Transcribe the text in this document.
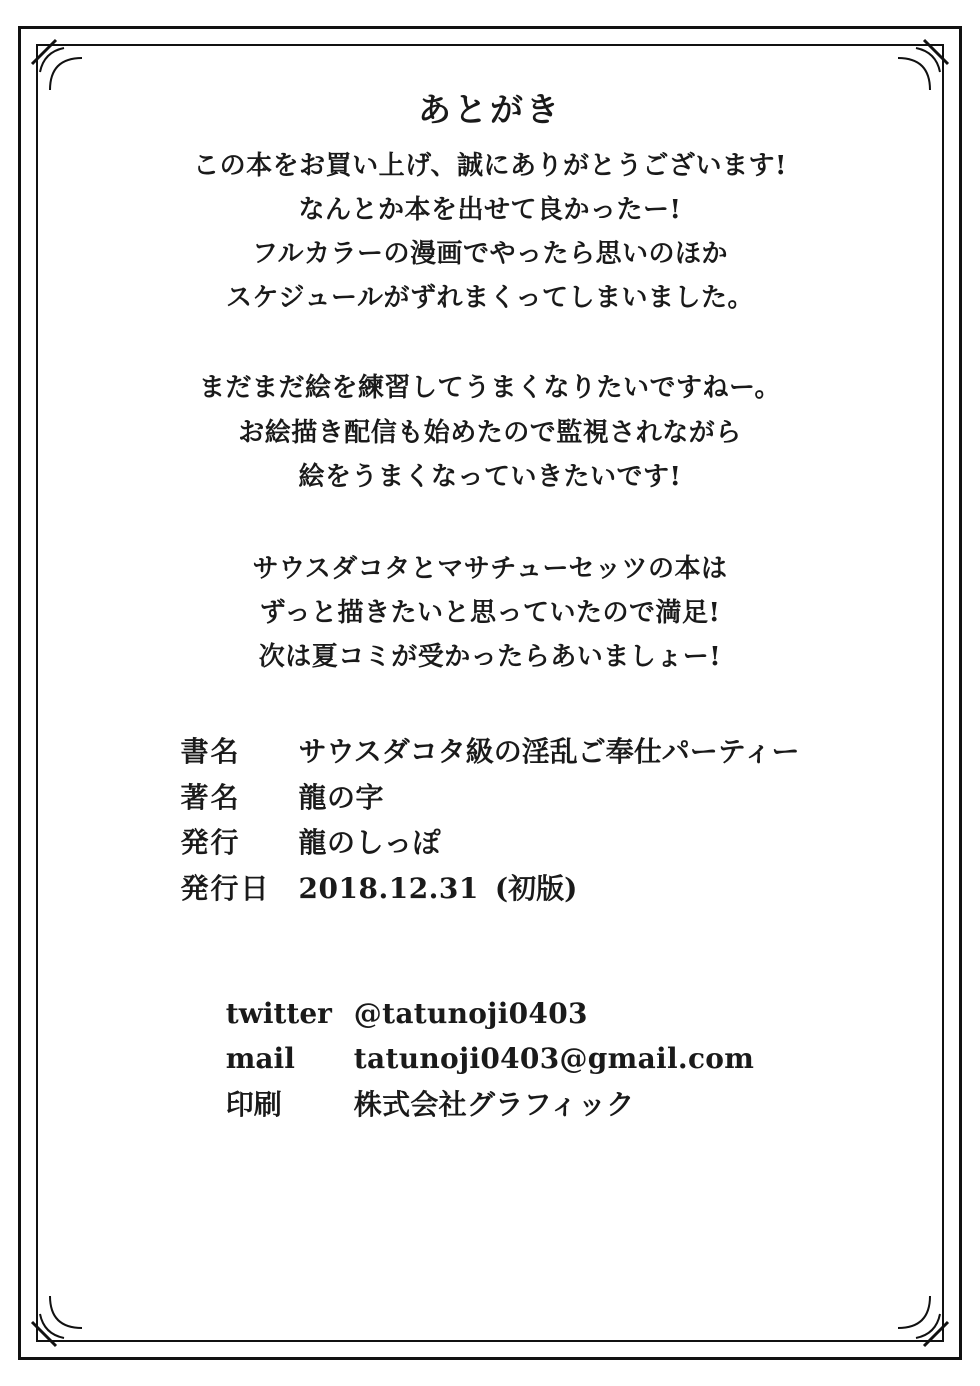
あとがき

この本をお買い上げ、誠にありがとうございます!
なんとか本を出せて良かったー!
フルカラーの漫画でやったら思いのほか
スケジュールがずれまくってしまいました。

まだまだ絵を練習してうまくなりたいですねー。
お絵描き配信も始めたので監視されながら
絵をうまくなっていきたいです!

サウスダコタとマサチューセッツの本は
ずっと描きたいと思っていたので満足!
次は夏コミが受かったらあいましょー!

書名	サウスダコタ級の淫乱ご奉仕パーティー
著名	龍の字
発行	龍のしっぽ
発行日 2018.12.31 (初版)
twitter @tatunoji0403
mail	tatunoji0403@gmail.com
印刷	株式会社グラフィック
